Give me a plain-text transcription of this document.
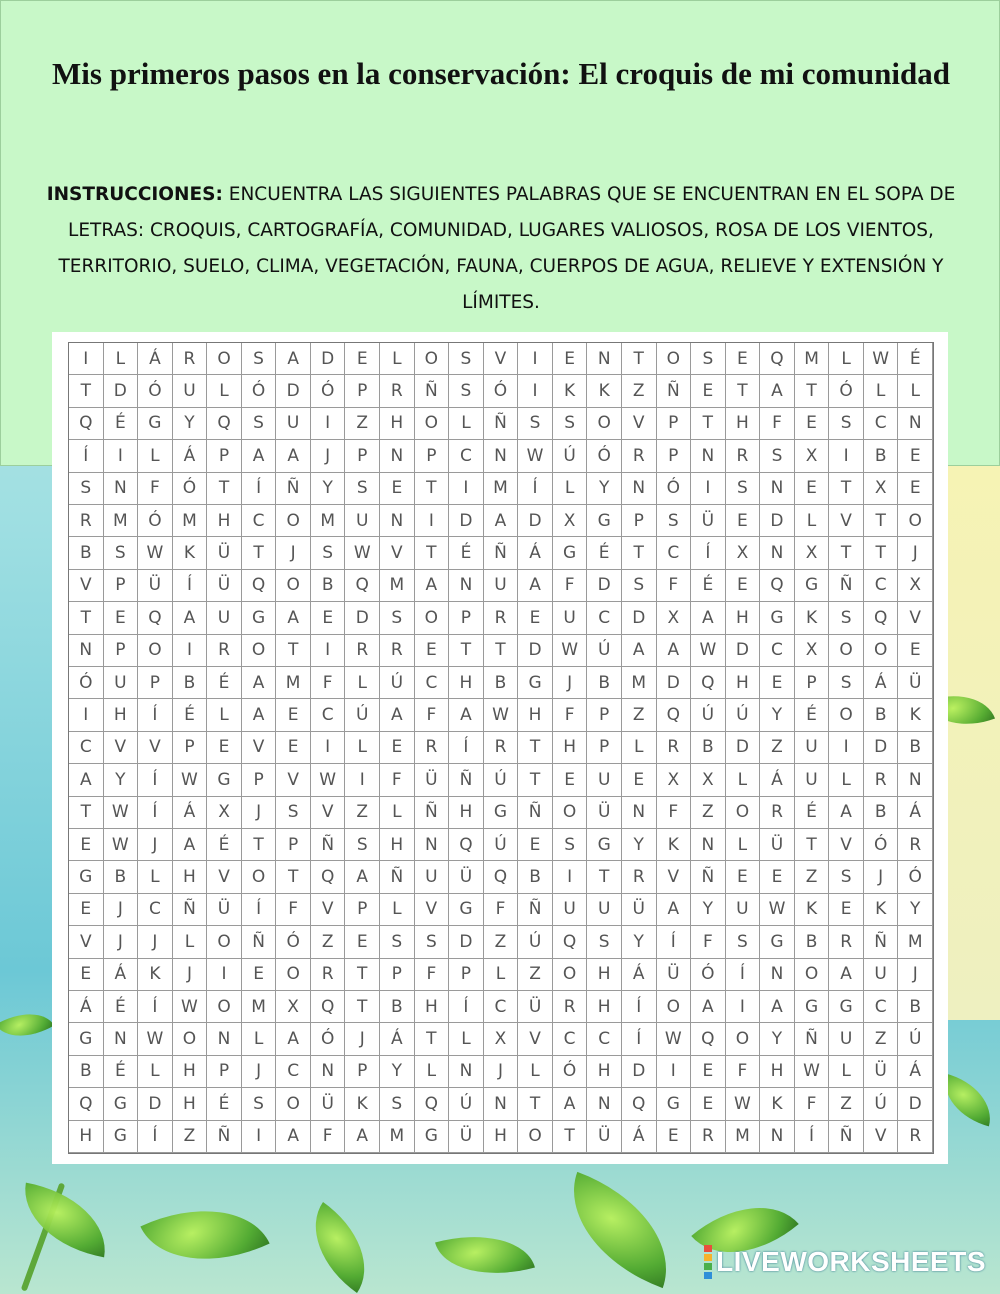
Mis primeros pasos en la conservación: El croquis de mi comunidad
INSTRUCCIONES: ENCUENTRA LAS SIGUIENTES PALABRAS QUE SE ENCUENTRAN EN EL SOPA DE LETRAS: CROQUIS, CARTOGRAFÍA, COMUNIDAD, LUGARES VALIOSOS, ROSA DE LOS VIENTOS, TERRITORIO, SUELO, CLIMA, VEGETACIÓN, FAUNA, CUERPOS DE AGUA, RELIEVE Y EXTENSIÓN Y LÍMITES.
I	L	Á	R	O	S	A	D	E	L	O	S	V	I	E	N	T	O	S	E	Q	M	L	W	É
T	D	Ó	U	L	Ó	D	Ó	P	R	Ñ	S	Ó	I	K	K	Z	Ñ	E	T	A	T	Ó	L	L
Q	É	G	Y	Q	S	U	I	Z	H	O	L	Ñ	S	S	O	V	P	T	H	F	E	S	C	N
Í	I	L	Á	P	A	A	J	P	N	P	C	N	W	Ú	Ó	R	P	N	R	S	X	I	B	E
S	N	F	Ó	T	Í	Ñ	Y	S	E	T	I	M	Í	L	Y	N	Ó	I	S	N	E	T	X	E
R	M	Ó	M	H	C	O	M	U	N	I	D	A	D	X	G	P	S	Ü	E	D	L	V	T	O
B	S	W	K	Ü	T	J	S	W	V	T	É	Ñ	Á	G	É	T	C	Í	X	N	X	T	T	J
V	P	Ü	Í	Ü	Q	O	B	Q	M	A	N	U	A	F	D	S	F	É	E	Q	G	Ñ	C	X
T	E	Q	A	U	G	A	E	D	S	O	P	R	E	U	C	D	X	A	H	G	K	S	Q	V
N	P	O	I	R	O	T	I	R	R	E	T	T	D	W	Ú	A	A	W	D	C	X	O	O	E
Ó	U	P	B	É	A	M	F	L	Ú	C	H	B	G	J	B	M	D	Q	H	E	P	S	Á	Ü
I	H	Í	É	L	A	E	C	Ú	A	F	A	W	H	F	P	Z	Q	Ú	Ú	Y	É	O	B	K
C	V	V	P	E	V	E	I	L	E	R	Í	R	T	H	P	L	R	B	D	Z	U	I	D	B
A	Y	Í	W	G	P	V	W	I	F	Ü	Ñ	Ú	T	E	U	E	X	X	L	Á	U	L	R	N
T	W	Í	Á	X	J	S	V	Z	L	Ñ	H	G	Ñ	O	Ü	N	F	Z	O	R	É	A	B	Á
E	W	J	A	É	T	P	Ñ	S	H	N	Q	Ú	E	S	G	Y	K	N	L	Ü	T	V	Ó	R
G	B	L	H	V	O	T	Q	A	Ñ	U	Ü	Q	B	I	T	R	V	Ñ	E	E	Z	S	J	Ó
E	J	C	Ñ	Ü	Í	F	V	P	L	V	G	F	Ñ	U	U	Ü	A	Y	U	W	K	E	K	Y
V	J	J	L	O	Ñ	Ó	Z	E	S	S	D	Z	Ú	Q	S	Y	Í	F	S	G	B	R	Ñ	M
E	Á	K	J	I	E	O	R	T	P	F	P	L	Z	O	H	Á	Ü	Ó	Í	N	O	A	U	J
Á	É	Í	W	O	M	X	Q	T	B	H	Í	C	Ü	R	H	Í	O	A	I	A	G	G	C	B
G	N	W	O	N	L	A	Ó	J	Á	T	L	X	V	C	C	Í	W	Q	O	Y	Ñ	U	Z	Ú
B	É	L	H	P	J	C	N	P	Y	L	N	J	L	Ó	H	D	I	E	F	H	W	L	Ü	Á
Q	G	D	H	É	S	O	Ü	K	S	Q	Ú	N	T	A	N	Q	G	E	W	K	F	Z	Ú	D
H	G	Í	Z	Ñ	I	A	F	A	M	G	Ü	H	O	T	Ü	Á	E	R	M	N	Í	Ñ	V	R
LIVEWORKSHEETS
